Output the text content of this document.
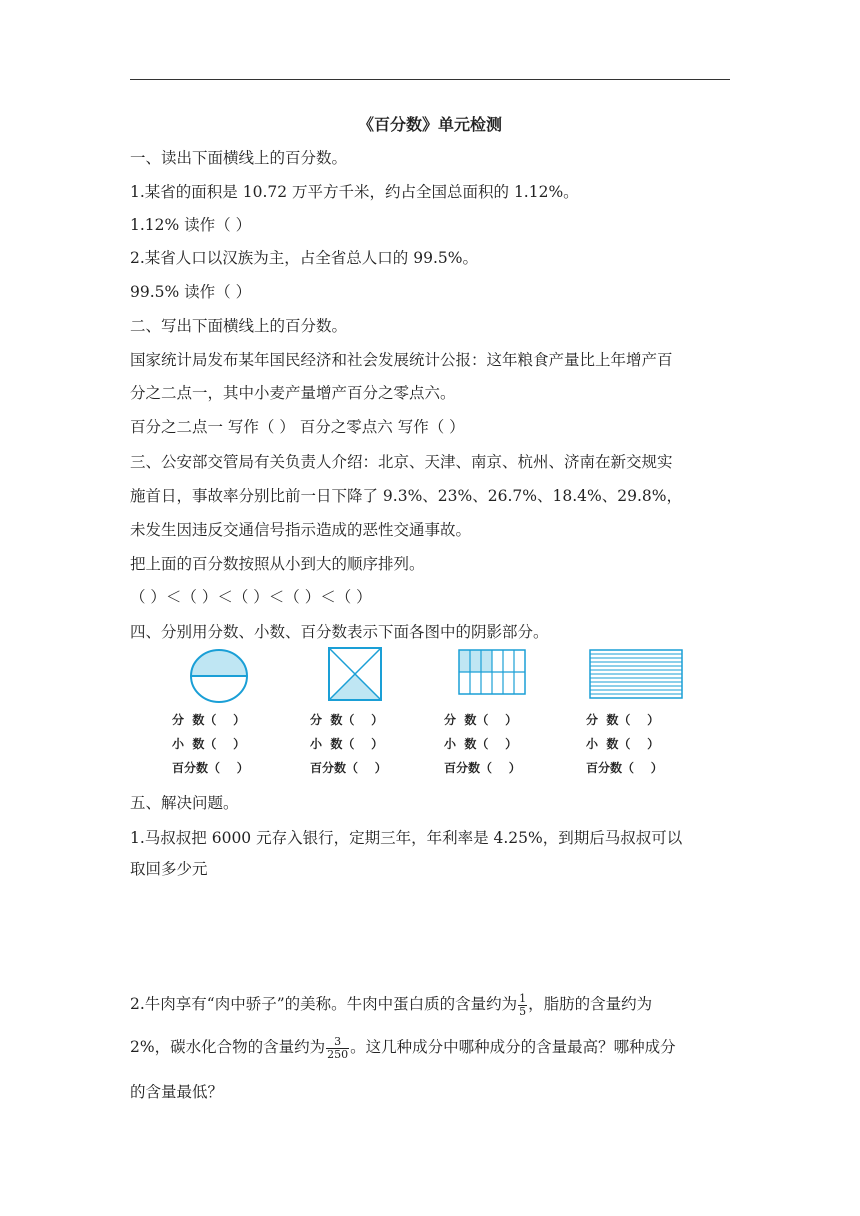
《百分数》单元检测
一、读出下面横线上的百分数。
1.某省的面积是 10.72 万平方千米，约占全国总面积的 1.12%。
1.12% 读作（ ）
2.某省人口以汉族为主，占全省总人口的 99.5%。
99.5% 读作（ ）
二、写出下面横线上的百分数。
国家统计局发布某年国民经济和社会发展统计公报：这年粮食产量比上年增产百
分之二点一，其中小麦产量增产百分之零点六。
百分之二点一 写作（ ） 百分之零点六 写作（ ）
三、公安部交管局有关负责人介绍：北京、天津、南京、杭州、济南在新交规实
施首日，事故率分别比前一日下降了 9.3%、23%、26.7%、18.4%、29.8%，
未发生因违反交通信号指示造成的恶性交通事故。
把上面的百分数按照从小到大的顺序排列。
（ ）＜（ ）＜（ ）＜（ ）＜（ ）
四、分别用分数、小数、百分数表示下面各图中的阴影部分。
分  数（    ）
小  数（    ）
百分数（    ）
分  数（    ）
小  数（    ）
百分数（    ）
分  数（    ）
小  数（    ）
百分数（    ）
分  数（    ）
小  数（    ）
百分数（    ）
五、解决问题。
1.马叔叔把 6000 元存入银行，定期三年，年利率是 4.25%，到期后马叔叔可以
取回多少元
2.牛肉享有“肉中骄子”的美称。牛肉中蛋白质的含量约为 $\frac{1}{5}$ ，脂肪的含量约为
2%，碳水化合物的含量约为 $\frac{3}{250}$ 。这几种成分中哪种成分的含量最高？哪种成分
的含量最低？
